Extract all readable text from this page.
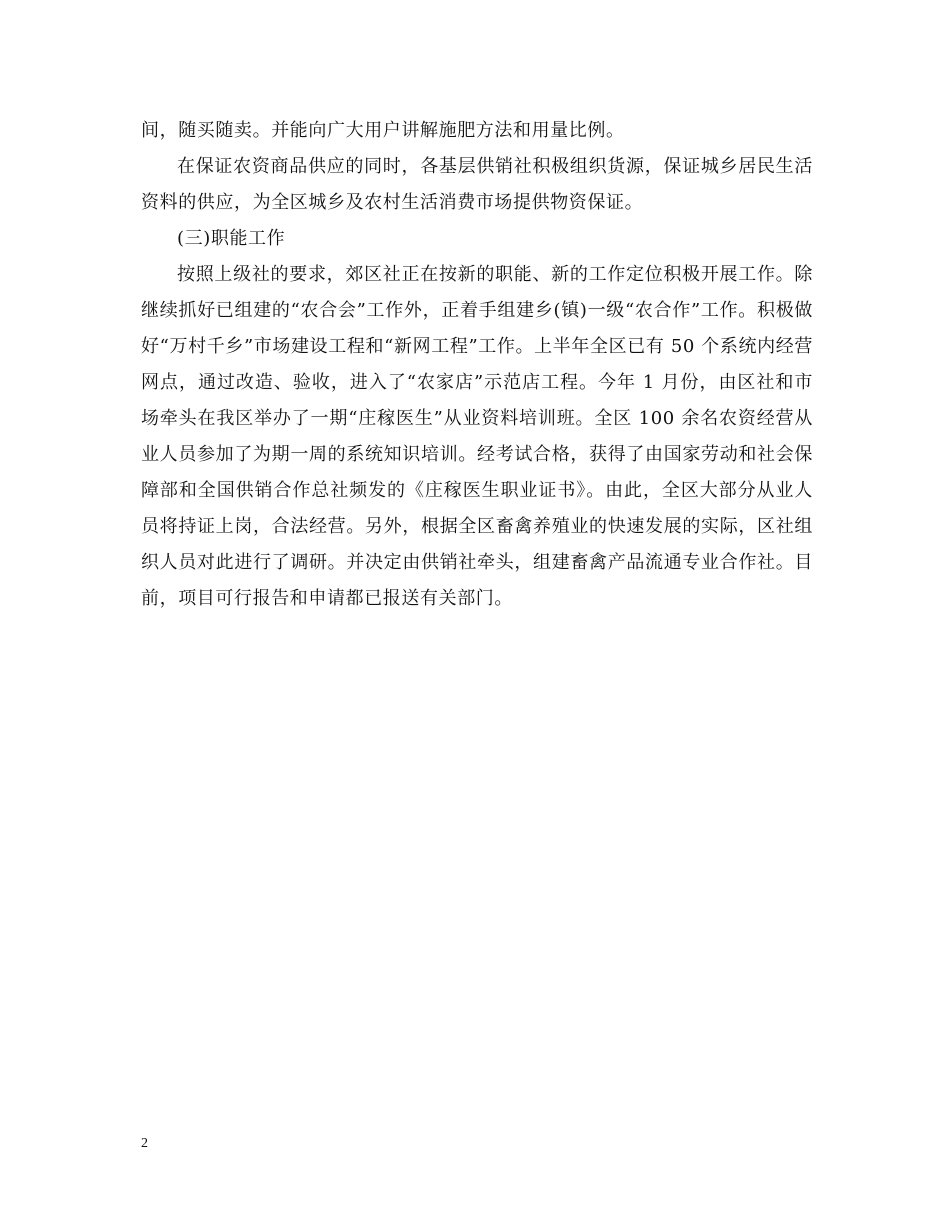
间，随买随卖。并能向广大用户讲解施肥方法和用量比例。

在保证农资商品供应的同时，各基层供销社积极组织货源，保证城乡居民生活资料的供应，为全区城乡及农村生活消费市场提供物资保证。

(三)职能工作

按照上级社的要求，郊区社正在按新的职能、新的工作定位积极开展工作。除继续抓好已组建的“农合会”工作外，正着手组建乡(镇)一级“农合作”工作。积极做好“万村千乡”市场建设工程和“新网工程”工作。上半年全区已有 50 个系统内经营网点，通过改造、验收，进入了“农家店”示范店工程。今年 1 月份，由区社和市场牵头在我区举办了一期“庄稼医生”从业资料培训班。全区 100 余名农资经营从业人员参加了为期一周的系统知识培训。经考试合格，获得了由国家劳动和社会保障部和全国供销合作总社频发的《庄稼医生职业证书》。由此，全区大部分从业人员将持证上岗，合法经营。另外，根据全区畜禽养殖业的快速发展的实际，区社组织人员对此进行了调研。并决定由供销社牵头，组建畜禽产品流通专业合作社。目前，项目可行报告和申请都已报送有关部门。

2
